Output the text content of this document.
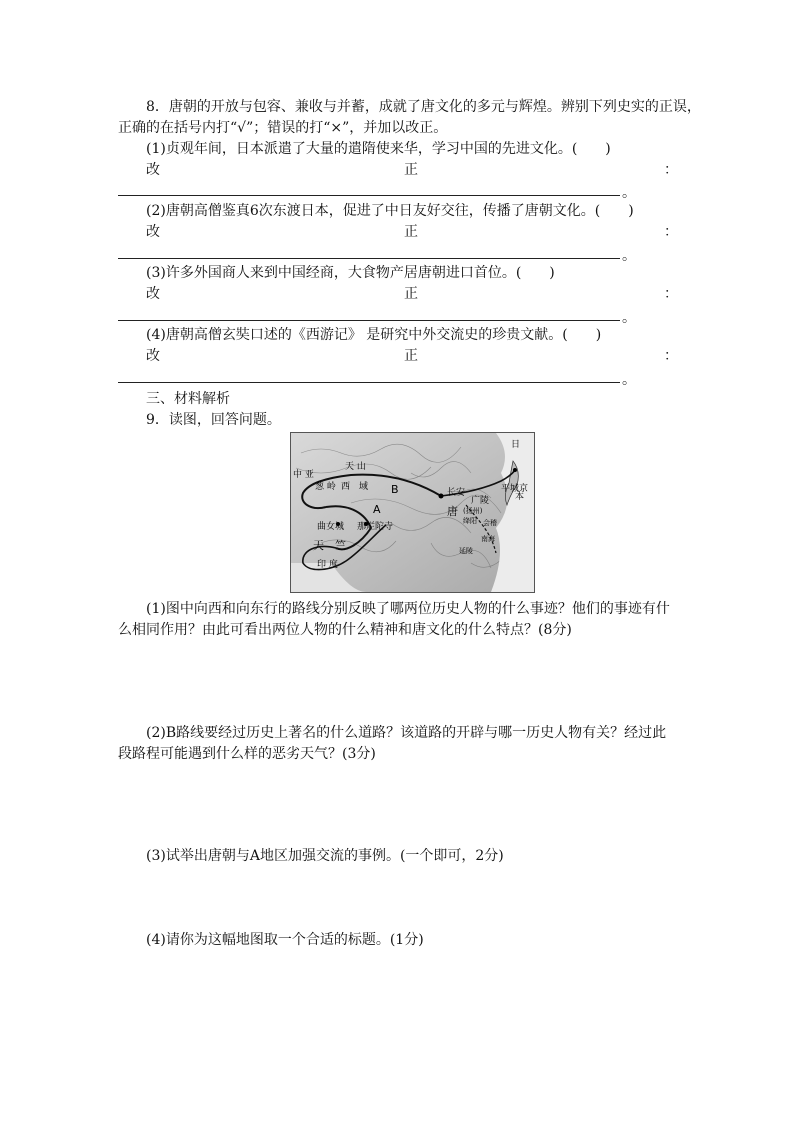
8．唐朝的开放与包容、兼收与并蓄，成就了唐文化的多元与辉煌。辨别下列史实的正误，
正确的在括号内打“√”；错误的打“×”，并加以改正。
(1)贞观年间，日本派遣了大量的遣隋使来华，学习中国的先进文化。(　　)
改	正	：
。
(2)唐朝高僧鉴真6次东渡日本，促进了中日友好交往，传播了唐朝文化。(　　)
改	正	：
。
(3)许多外国商人来到中国经商，大食物产居唐朝进口首位。(　　)
改	正	：
。
(4)唐朝高僧玄奘口述的《西游记》 是研究中外交流史的珍贵文献。(　　)
改	正	：
。
三、材料解析
9．读图，回答问题。
天 山
中 亚
葱 岭 西　域 B	长安
广陵
(扬州)
唐
A
曲女城 那烂陀寺
天　竺
印 度
平城京
日
本
会稽
绛阳
延陵
南海
(1)图中向西和向东行的路线分别反映了哪两位历史人物的什么事迹？他们的事迹有什
么相同作用？由此可看出两位人物的什么精神和唐文化的什么特点？(8分)
(2)B路线要经过历史上著名的什么道路？该道路的开辟与哪一历史人物有关？经过此
段路程可能遇到什么样的恶劣天气？(3分)
(3)试举出唐朝与A地区加强交流的事例。(一个即可，2分)
(4)请你为这幅地图取一个合适的标题。(1分)
